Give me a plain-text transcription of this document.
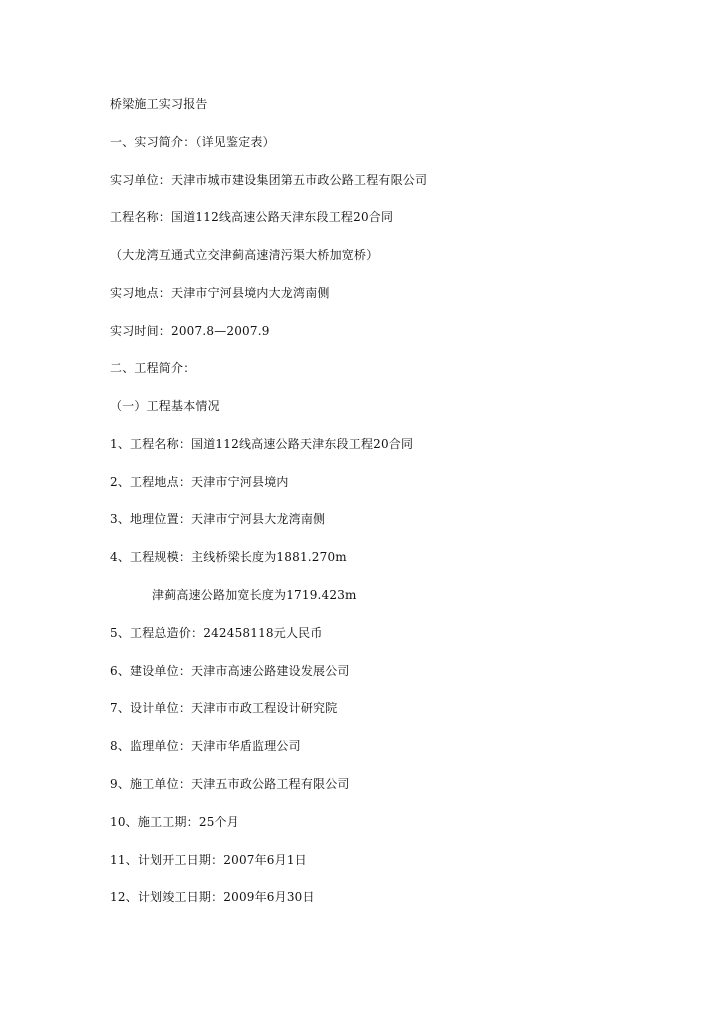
桥梁施工实习报告
一、实习简介：（详见鉴定表）
实习单位：天津市城市建设集团第五市政公路工程有限公司
工程名称：国道112线高速公路天津东段工程20合同
（大龙湾互通式立交津蓟高速清污渠大桥加宽桥）
实习地点：天津市宁河县境内大龙湾南侧
实习时间：2007.8—2007.9
二、工程简介：
（一）工程基本情况
1、工程名称：国道112线高速公路天津东段工程20合同
2、工程地点：天津市宁河县境内
3、地理位置：天津市宁河县大龙湾南侧
4、工程规模：主线桥梁长度为1881.270m
津蓟高速公路加宽长度为1719.423m
5、工程总造价：242458118元人民币
6、建设单位：天津市高速公路建设发展公司
7、设计单位：天津市市政工程设计研究院
8、监理单位：天津市华盾监理公司
9、施工单位：天津五市政公路工程有限公司
10、施工工期：25个月
11、计划开工日期：2007年6月1日
12、计划竣工日期：2009年6月30日
